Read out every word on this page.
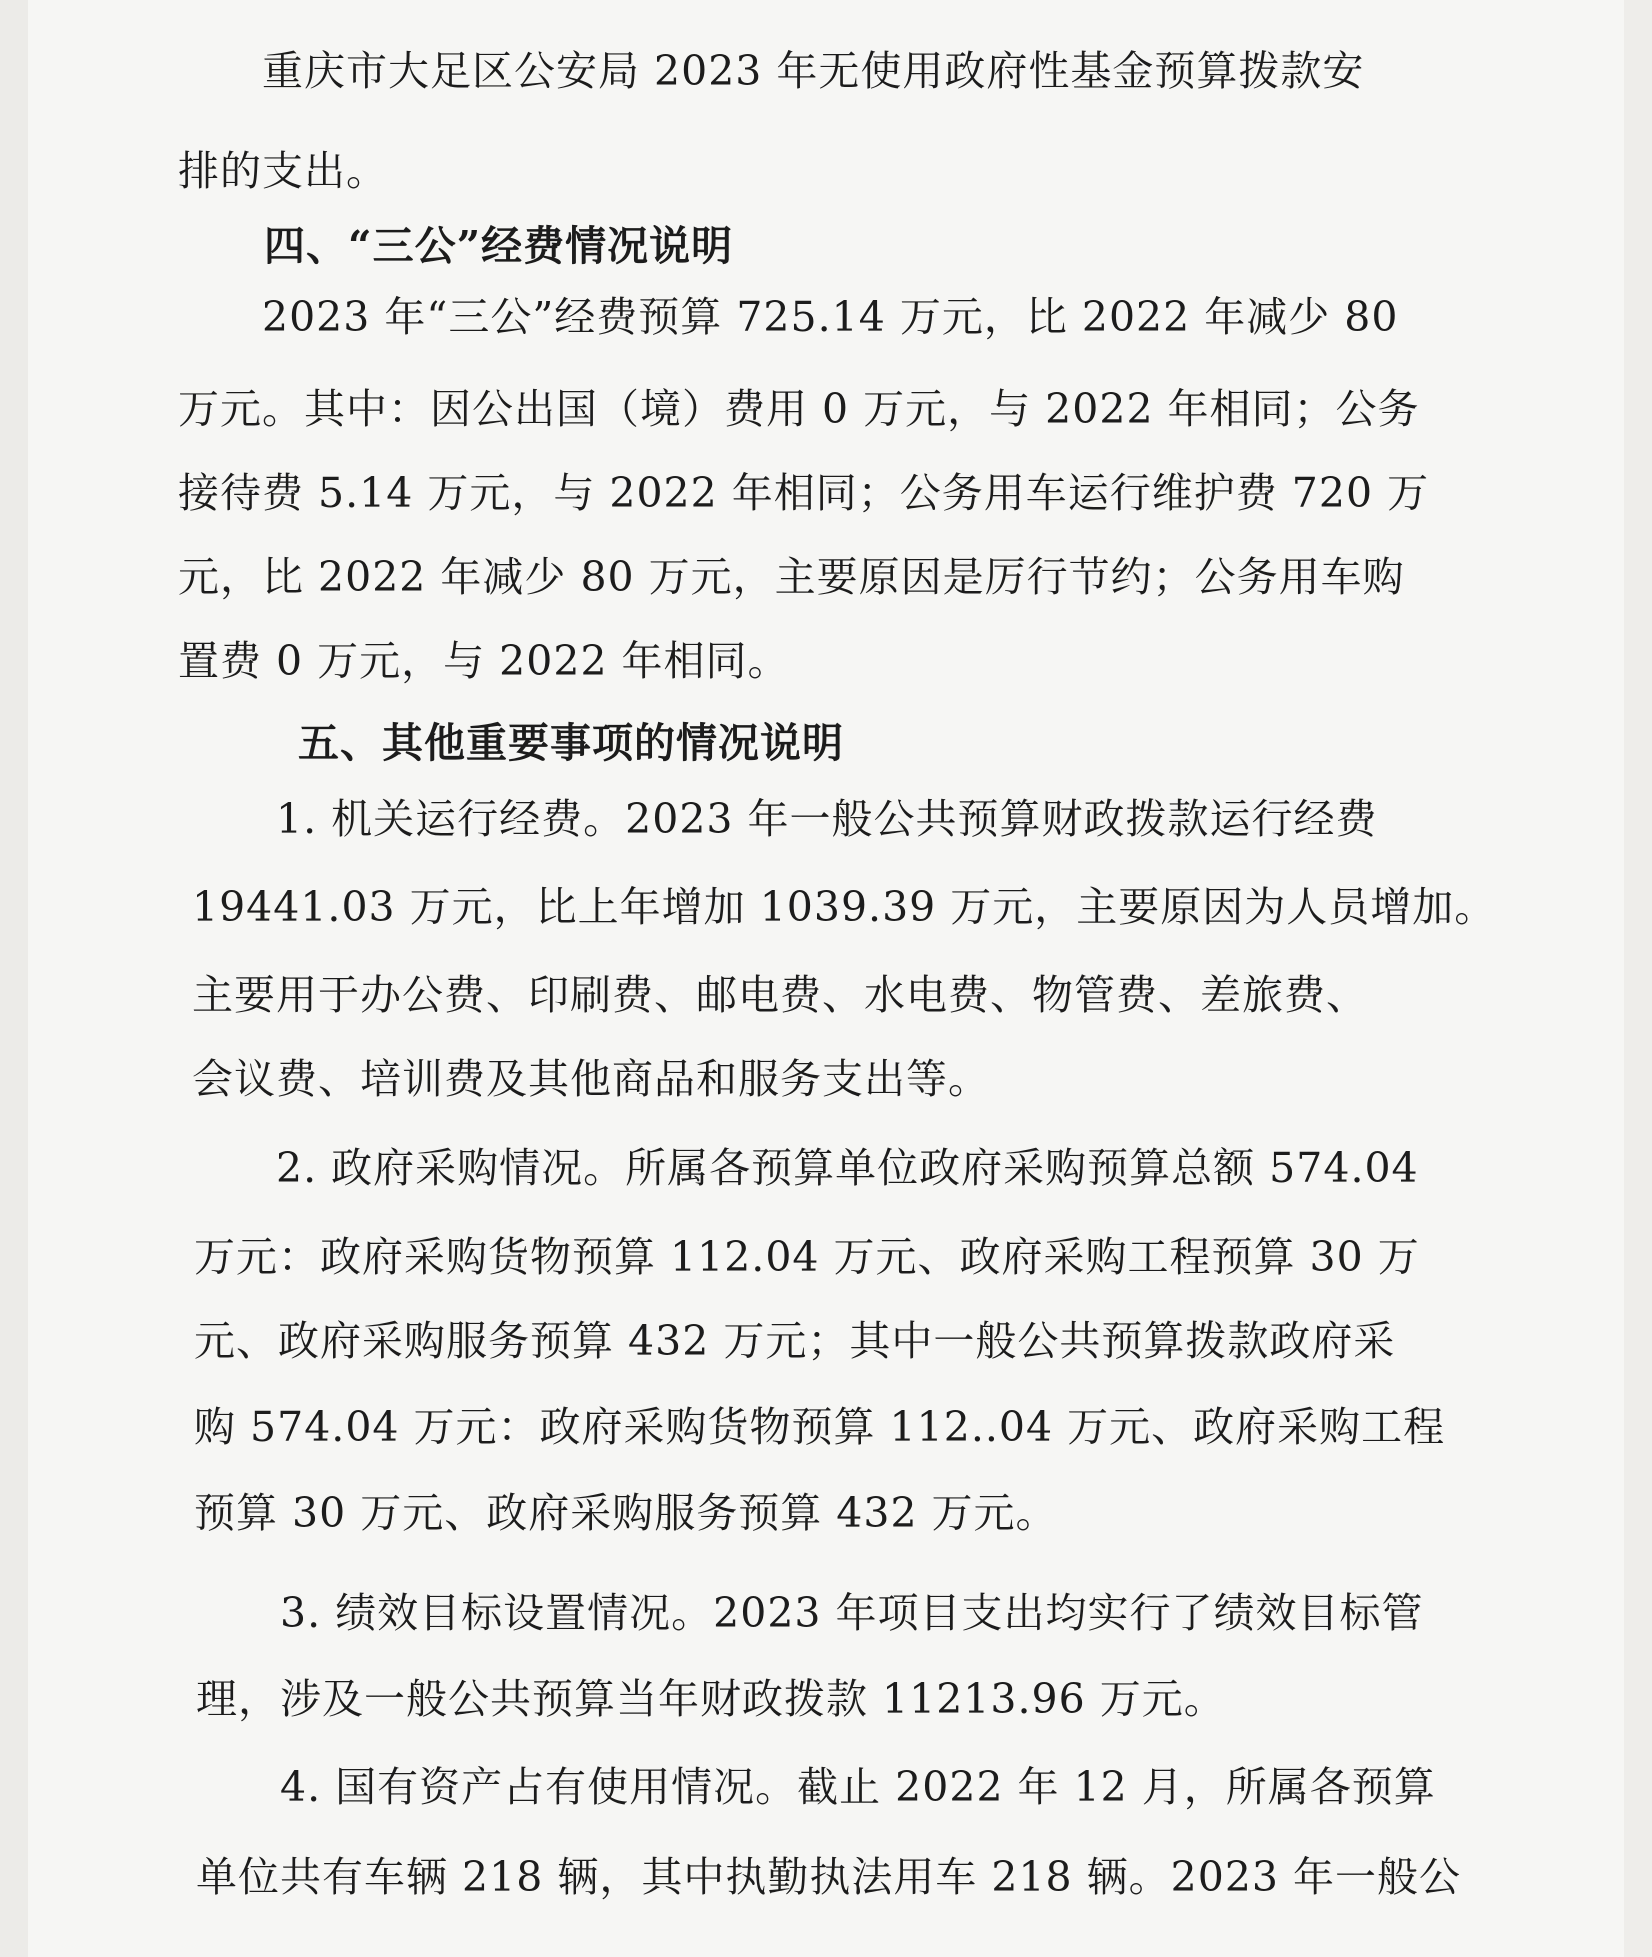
重庆市大足区公安局 2023 年无使用政府性基金预算拨款安
排的支出。
四、“三公”经费情况说明
2023 年“三公”经费预算 725.14 万元，比 2022 年减少 80
万元。其中：因公出国（境）费用 0 万元，与 2022 年相同；公务
接待费 5.14 万元，与 2022 年相同；公务用车运行维护费 720 万
元，比 2022 年减少 80 万元，主要原因是厉行节约；公务用车购
置费 0 万元，与 2022 年相同。
五、其他重要事项的情况说明
1. 机关运行经费。2023 年一般公共预算财政拨款运行经费
19441.03 万元，比上年增加 1039.39 万元，主要原因为人员增加。
主要用于办公费、印刷费、邮电费、水电费、物管费、差旅费、
会议费、培训费及其他商品和服务支出等。
2. 政府采购情况。所属各预算单位政府采购预算总额 574.04
万元：政府采购货物预算 112.04 万元、政府采购工程预算 30 万
元、政府采购服务预算 432 万元；其中一般公共预算拨款政府采
购 574.04 万元：政府采购货物预算 112..04 万元、政府采购工程
预算 30 万元、政府采购服务预算 432 万元。
3. 绩效目标设置情况。2023 年项目支出均实行了绩效目标管
理，涉及一般公共预算当年财政拨款 11213.96 万元。
4. 国有资产占有使用情况。截止 2022 年 12 月，所属各预算
单位共有车辆 218 辆，其中执勤执法用车 218 辆。2023 年一般公
